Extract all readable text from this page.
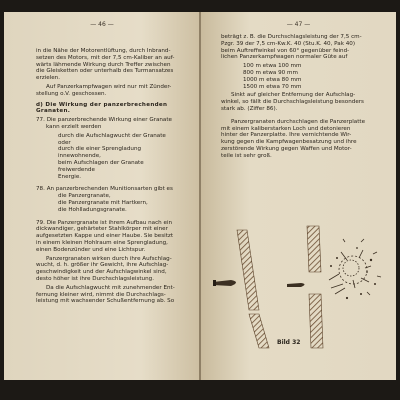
— 46 —

in die Nähe der Motorentlüftung, durch Inbrand-

setzen des Motors, mit der 7,5 cm-Kaliber an auf-

wärts lähmende Wirkung durch Treffer zwischen

die Gleisketten oder unterhalb des Turmansatzes

erzielen.

Auf Panzerkampfwagen wird nur mit Zünder-

stellung o.V. geschossen.

d) Die Wirkung der panzerbrechenden Granaten.

77. Die panzerbrechende Wirkung einer Granate

kann erzielt werden

durch die Aufschlagwucht der Granate oder

durch die einer Sprengladung innewohnende,

beim Aufschlagen der Granate freiwerdende

Energie.

78. An panzerbrechenden Munitionsarten gibt es

die Panzergranate,

die Panzergranate mit Hartkern,

die Hohlladungsgranate.

79. Die Panzergranate ist ihrem Aufbau nach ein

dickwandiger, gehärteter Stahlkörper mit einer

aufgesetzten Kappe und einer Haube. Sie besitzt

in einem kleinen Hohlraum eine Sprengladung,

einen Bodenzünder und eine Lichtspur.

Panzergranaten wirken durch ihre Aufschlag-

wucht, d. h. größer ihr Gewicht, ihre Aufschlag-

geschwindigkeit und der Aufschlagwinkel sind,

desto höher ist ihre Durchschlagsleistung.

Da die Aufschlagwucht mit zunehmender Ent-

fernung kleiner wird, nimmt die Durchschlags-

leistung mit wachsender Schußentfernung ab. So

— 47 —

beträgt z. B. die Durchschlagsleistung der 7,5 cm-

Pzgr. 39 der 7,5 cm-Kw.K. 40 (Stu.K. 40, Pak 40)

beim Auftreffwinkel von 60° gegenüber feind-

lichen Panzerkampfwagen normaler Güte auf

100 m etwa 100 mm
800 m etwa 90 mm
1000 m etwa 80 mm
1500 m etwa 70 mm

Sinkt auf gleicher Entfernung der Aufschlag-

winkel, so fällt die Durchschlagsleistung besonders

stark ab. (Ziffer 86).

Panzergranaten durchschlagen die Panzerplatte

mit einem kaliberstarken Loch und detonieren

hinter der Panzerplatte. Ihre vernichtende Wir-

kung gegen die Kampfwagenbesatzung und ihre

zerstörende Wirkung gegen Waffen und Motor-

teile ist sehr groß.

Bild 32
